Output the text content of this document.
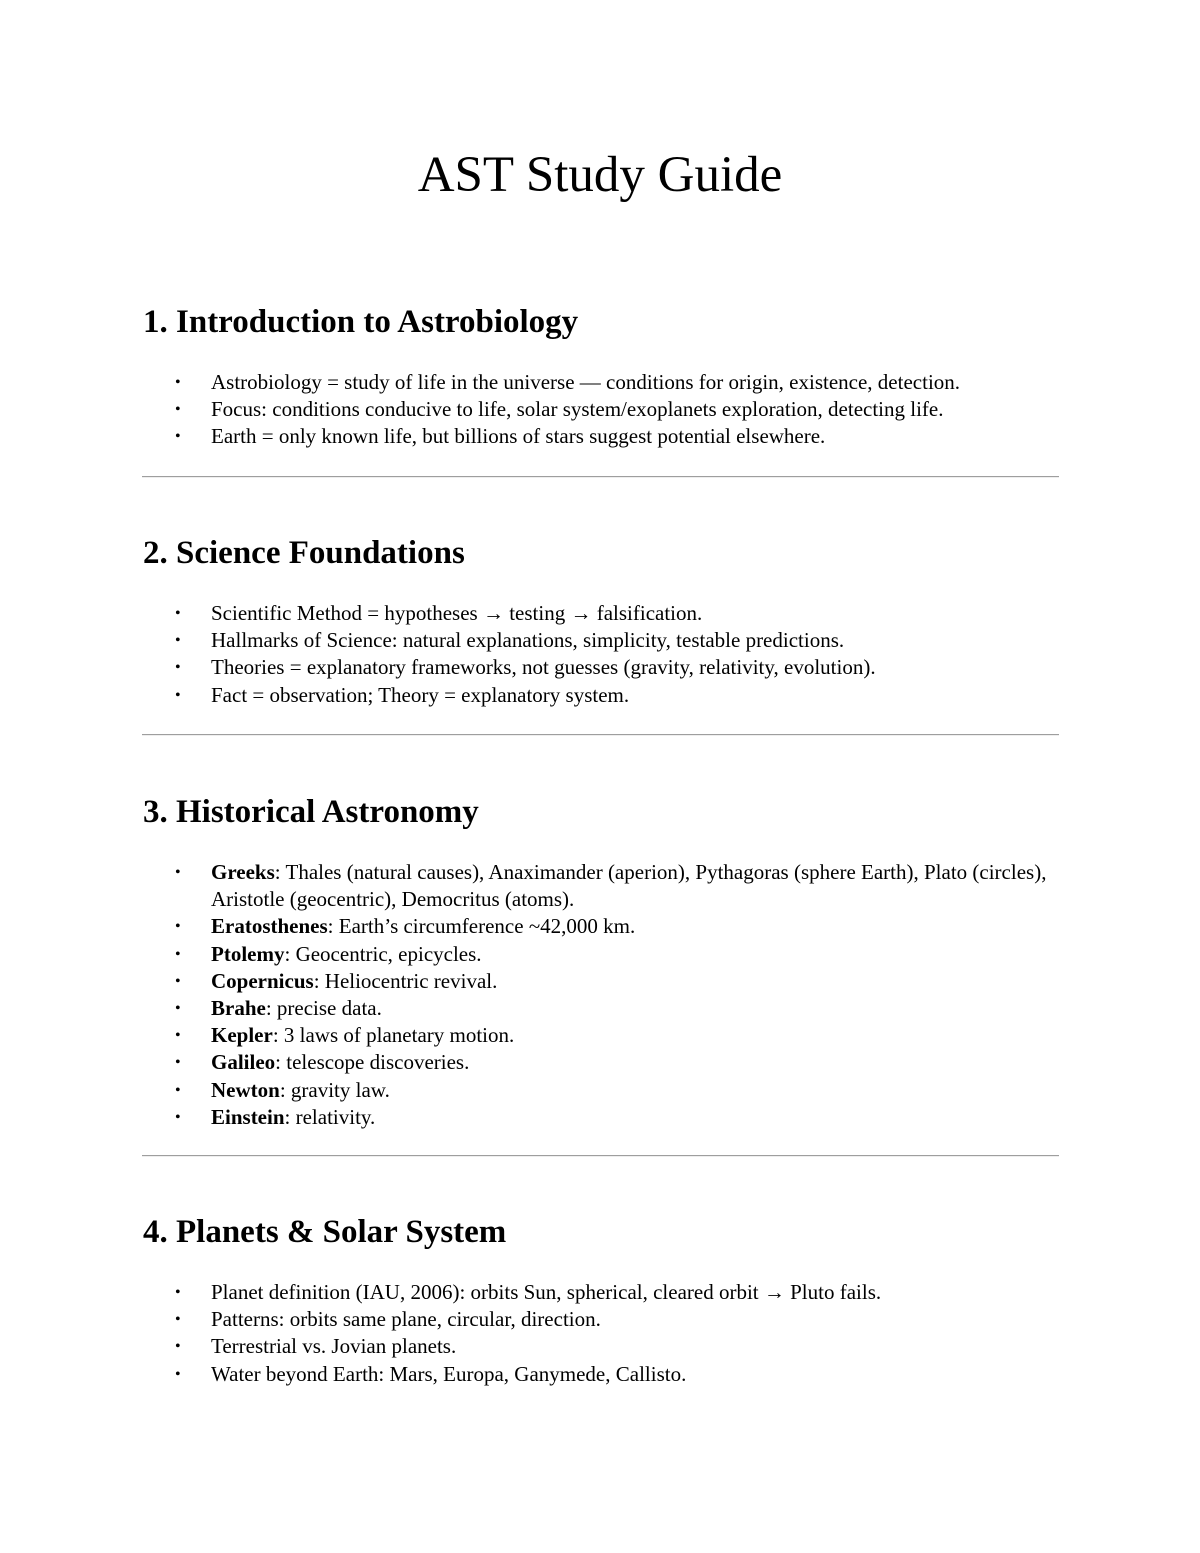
AST Study Guide
1. Introduction to Astrobiology
• Astrobiology = study of life in the universe — conditions for origin, existence, detection.
• Focus: conditions conducive to life, solar system/exoplanets exploration, detecting life.
• Earth = only known life, but billions of stars suggest potential elsewhere.
2. Science Foundations
• Scientific Method = hypotheses → testing → falsification.
• Hallmarks of Science: natural explanations, simplicity, testable predictions.
• Theories = explanatory frameworks, not guesses (gravity, relativity, evolution).
• Fact = observation; Theory = explanatory system.
3. Historical Astronomy
• Greeks: Thales (natural causes), Anaximander (aperion), Pythagoras (sphere Earth), Plato (circles), Aristotle (geocentric), Democritus (atoms).
• Eratosthenes: Earth’s circumference ~42,000 km.
• Ptolemy: Geocentric, epicycles.
• Copernicus: Heliocentric revival.
• Brahe: precise data.
• Kepler: 3 laws of planetary motion.
• Galileo: telescope discoveries.
• Newton: gravity law.
• Einstein: relativity.
4. Planets & Solar System
• Planet definition (IAU, 2006): orbits Sun, spherical, cleared orbit → Pluto fails.
• Patterns: orbits same plane, circular, direction.
• Terrestrial vs. Jovian planets.
• Water beyond Earth: Mars, Europa, Ganymede, Callisto.
